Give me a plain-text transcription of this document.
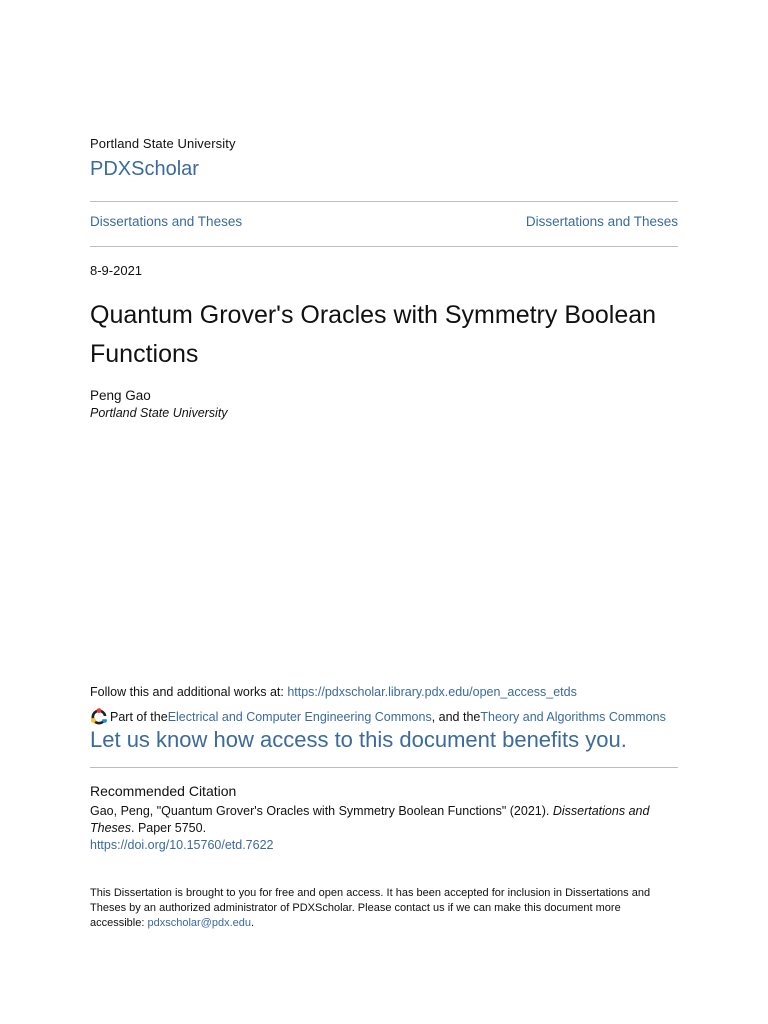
Portland State University
PDXScholar
Dissertations and Theses	Dissertations and Theses
8-9-2021
Quantum Grover's Oracles with Symmetry Boolean Functions
Peng Gao
Portland State University
Follow this and additional works at: https://pdxscholar.library.pdx.edu/open_access_etds
Part of the Electrical and Computer Engineering Commons , and the Theory and Algorithms Commons
Let us know how access to this document benefits you.
Recommended Citation
Gao, Peng, "Quantum Grover's Oracles with Symmetry Boolean Functions" (2021). Dissertations and Theses. Paper 5750.
https://doi.org/10.15760/etd.7622
This Dissertation is brought to you for free and open access. It has been accepted for inclusion in Dissertations and Theses by an authorized administrator of PDXScholar. Please contact us if we can make this document more accessible: pdxscholar@pdx.edu.
